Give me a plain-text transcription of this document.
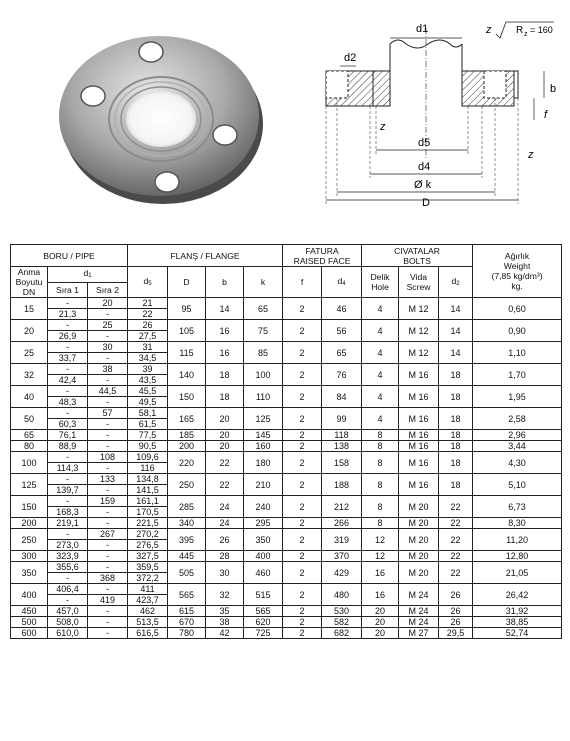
d2
d1	z R z = 160
b
f
z
z
d5
d4
Ø k
D
BORU / PIPE			FLANŞ / FLANGE				FATURA
RAISED FACE		CIVATALAR
BOLTS			Ağırlık
Weight
(7,85 kg/dm³)
kg.
Anma
Boyutu
DN	d1		d5	D	b	k	f	d4	Delik
Hole	Vida
Screw	d2	
	Sıra 1	Sıra 2										
15	-	20	21	95	14	65	2	46	4	M 12	14	0,60
	21,3	-	22									
20	-	25	26	105	16	75	2	56	4	M 12	14	0,90
	26,9	-	27,5									
25	-	30	31	115	16	85	2	65	4	M 12	14	1,10
	33,7	-	34,5									
32	-	38	39	140	18	100	2	76	4	M 16	18	1,70
	42,4	-	43,5									
40	-	44,5	45,5	150	18	110	2	84	4	M 16	18	1,95
	48,3	-	49,5									
50	-	57	58,1	165	20	125	2	99	4	M 16	18	2,58
	60,3	-	61,5									
65	76,1	-	77,5	185	20	145	2	118	8	M 16	18	2,96
80	88,9	-	90,5	200	20	160	2	138	8	M 16	18	3,44
100	-	108	109,6	220	22	180	2	158	8	M 16	18	4,30
	114,3	-	116									
125	-	133	134,8	250	22	210	2	188	8	M 16	18	5,10
	139,7	-	141,5									
150	-	159	161,1	285	24	240	2	212	8	M 20	22	6,73
	168,3	-	170,5									
200	219,1	-	221,5	340	24	295	2	266	8	M 20	22	8,30
250	-	267	270,2	395	26	350	2	319	12	M 20	22	11,20
	273,0	-	276,5									
300	323,9	-	327,5	445	28	400	2	370	12	M 20	22	12,80
350	355,6	-	359,5	505	30	460	2	429	16	M 20	22	21,05
	-	368	372,2									
400	406,4	-	411	565	32	515	2	480	16	M 24	26	26,42
	-	419	423,7									
450	457,0	-	462	615	35	565	2	530	20	M 24	26	31,92
500	508,0	-	513,5	670	38	620	2	582	20	M 24	26	38,85
600	610,0	-	616,5	780	42	725	2	682	20	M 27	29,5	52,74
